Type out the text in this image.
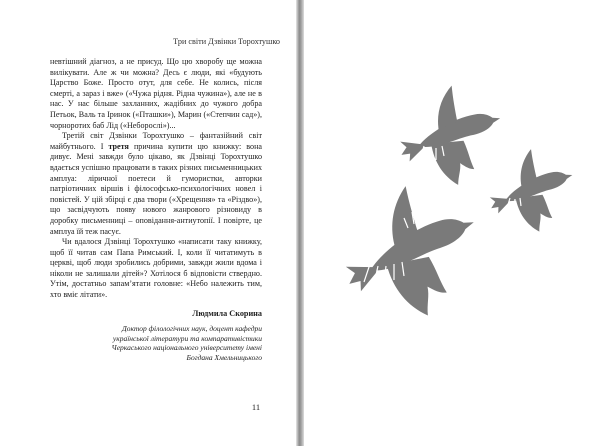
Три світи Дзвінки Торохтушко

невтішний діагноз, а не присуд. Що цю хворобу ще можна вилікувати. Але ж чи можна? Десь є люди, які «будують Царство Боже. Просто отут, для себе. Не колись, після смерті, а зараз і вже» («Чужа рідня. Рідна чужина»), але не в нас. У нас більше захланних, жадібних до чужого добра Петьок, Валь та Іринок («Пташки»), Марин («Степчин сад»), чорноротих баб Лід («Неборослі»)...

Третій світ Дзвінки Торохтушко – фантазійний світ майбутнього. І третя причина купити цю книжку: вона дивує. Мені завжди було цікаво, як Дзвінці Торохтушко вдається успішно працювати в таких різних письменницьких амплуа: ліричної поетеси й гумористки, авторки патріотичних віршів і філософсько-психологічних новел і повістей. У цій збірці є два твори («Хрещення» та «Різдво»), що засвідчують появу нового жанрового різновиду в доробку письменниці – оповідання-антиутопії. І повірте, це амплуа їй теж пасує.

Чи вдалося Дзвінці Торохтушко «написати таку книжку, щоб її читав сам Папа Римський. І, коли її читатимуть в церкві, щоб люди зробились добрими, завжди жили вдома і ніколи не залишали дітей»? Хотілося б відповісти ствердно. Утім, достатньо запам’ятати головне: «Небо належить тим, хто вміє літати».

Людмила Скорина
Доктор філологічних наук, доцент кафедри української літератури та компаративістики Черкаського національного університету імені Богдана Хмельницького
11
